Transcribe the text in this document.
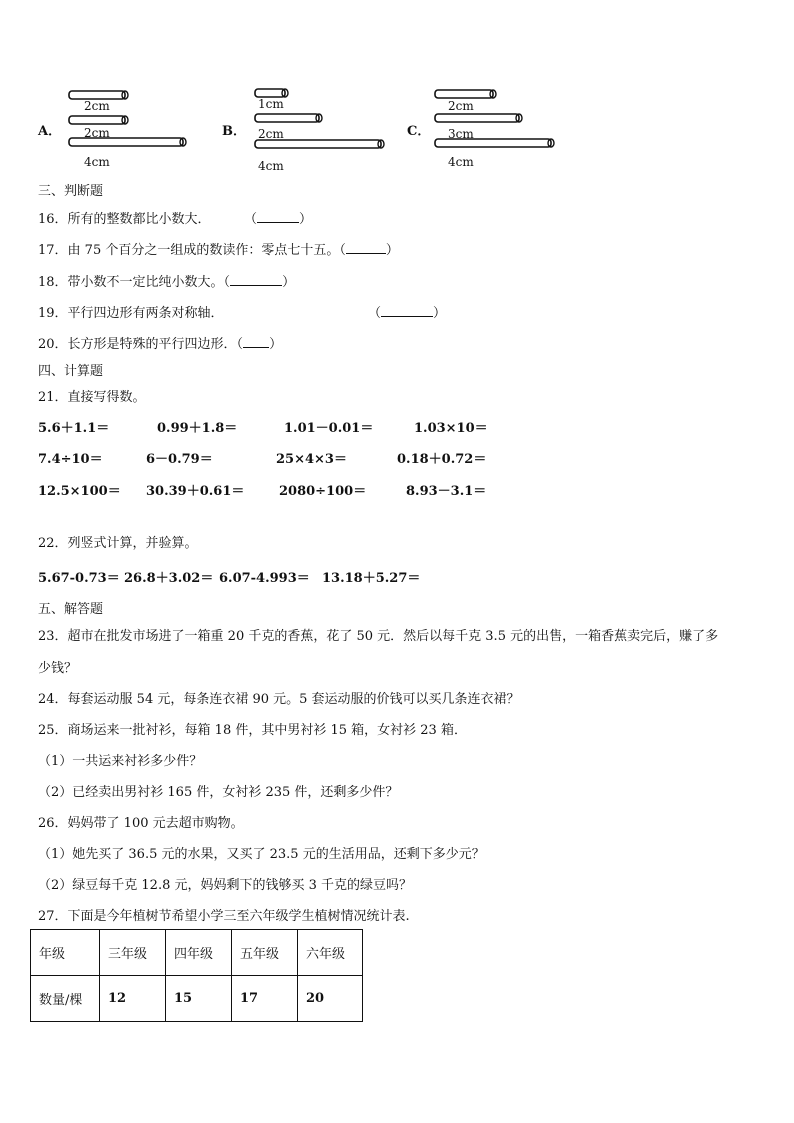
A．
2cm
2cm
4cm
B．
1cm
2cm
4cm
C．
2cm
3cm
4cm
三、判断题
16．所有的整数都比小数大．	（	）
17．由 75 个百分之一组成的数读作：零点七十五。（	）
18．带小数不一定比纯小数大。（	）
19．平行四边形有两条对称轴．	（	）
20．长方形是特殊的平行四边形．（ ）
四、计算题
21．直接写得数。
5.6＋1.1＝	0.99＋1.8＝	1.01－0.01＝	1.03×10＝
7.4÷10＝	6－0.79＝	25×4×3＝	0.18＋0.72＝
12.5×100＝ 30.39＋0.61＝	2080÷100＝	8.93－3.1＝
22．列竖式计算，并验算。
5.67-0.73＝ 26.8＋3.02＝ 6.07-4.993＝ 13.18＋5.27＝
五、解答题
23．超市在批发市场进了一箱重 20 千克的香蕉，花了 50 元．然后以每千克 3.5 元的出售，一箱香蕉卖完后，赚了多
少钱？
24．每套运动服 54 元，每条连衣裙 90 元。5 套运动服的价钱可以买几条连衣裙？
25．商场运来一批衬衫，每箱 18 件，其中男衬衫 15 箱，女衬衫 23 箱．
（1）一共运来衬衫多少件？
（2）已经卖出男衬衫 165 件，女衬衫 235 件，还剩多少件？
26．妈妈带了 100 元去超市购物。
（1）她先买了 36.5 元的水果，又买了 23.5 元的生活用品，还剩下多少元？
（2）绿豆每千克 12.8 元，妈妈剩下的钱够买 3 千克的绿豆吗？
27．下面是今年植树节希望小学三至六年级学生植树情况统计表.
年级	三年级	四年级	五年级	六年级
数量/棵	12	15	17	20
